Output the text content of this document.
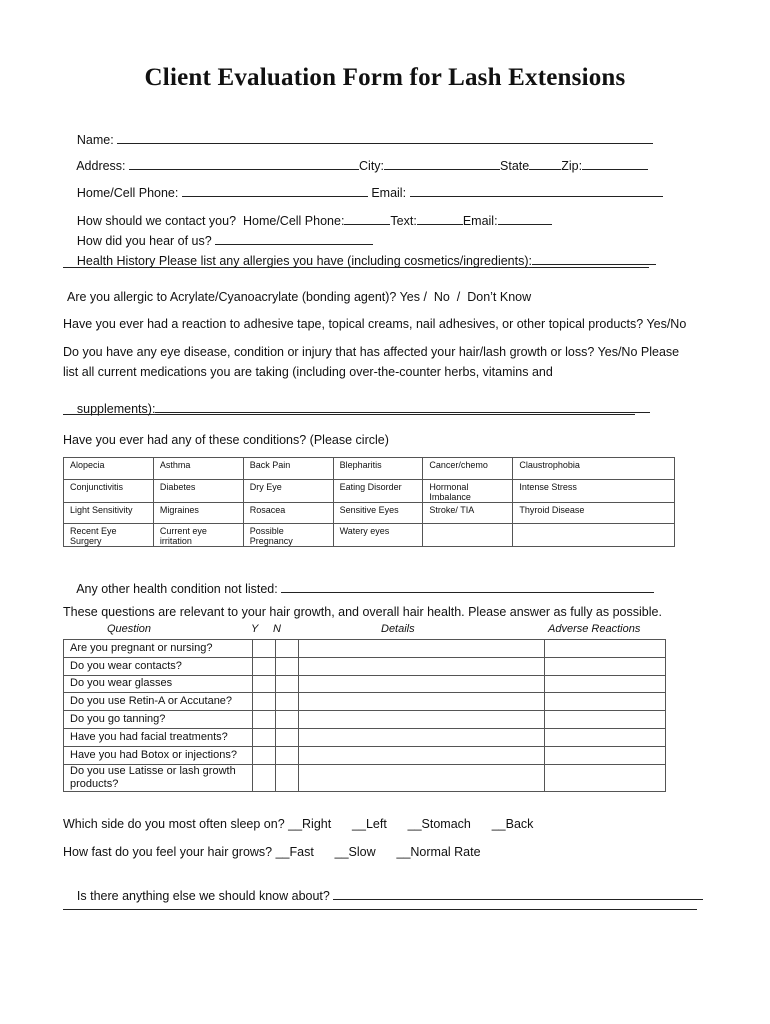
Client Evaluation Form for Lash Extensions

Name:

Address:	City:	State	Zip:

Home/Cell Phone:	Email:

How should we contact you?  Home/Cell Phone:	Text:	Email:

How did you hear of us?

Health History Please list any allergies you have (including cosmetics/ingredients):

Are you allergic to Acrylate/Cyanoacrylate (bonding agent)? Yes /  No  /  Don’t Know
Have you ever had a reaction to adhesive tape, topical creams, nail adhesives, or other topical products? Yes/No
Do you have any eye disease, condition or injury that has affected your hair/lash growth or loss? Yes/No Please
list all current medications you are taking (including over-the-counter herbs, vitamins and

supplements):

Have you ever had any of these conditions? (Please circle)
Alopecia	Asthma	Back Pain	Blepharitis	Cancer/chemo	Claustrophobia
Conjunctivitis	Diabetes	Dry Eye	Eating Disorder	Hormonal Imbalance	Intense Stress
Light Sensitivity	Migraines	Rosacea	Sensitive Eyes	Stroke/ TIA	Thyroid Disease
Recent Eye Surgery	Current eye irritation	Possible Pregnancy	Watery eyes		

Any other health condition not listed:

These questions are relevant to your hair growth, and overall hair health. Please answer as fully as possible.
Question	Y N	Details	Adverse Reactions
Are you pregnant or nursing?				
Do you wear contacts?				
Do you wear glasses				
Do you use Retin-A or Accutane?				
Do you go tanning?				
Have you had facial treatments?				
Have you had Botox or injections?				
Do you use Latisse or lash growth products?				
Which side do you most often sleep on? __Right      __Left      __Stomach      __Back
How fast do you feel your hair grows? __Fast      __Slow      __Normal Rate

Is there anything else we should know about?
